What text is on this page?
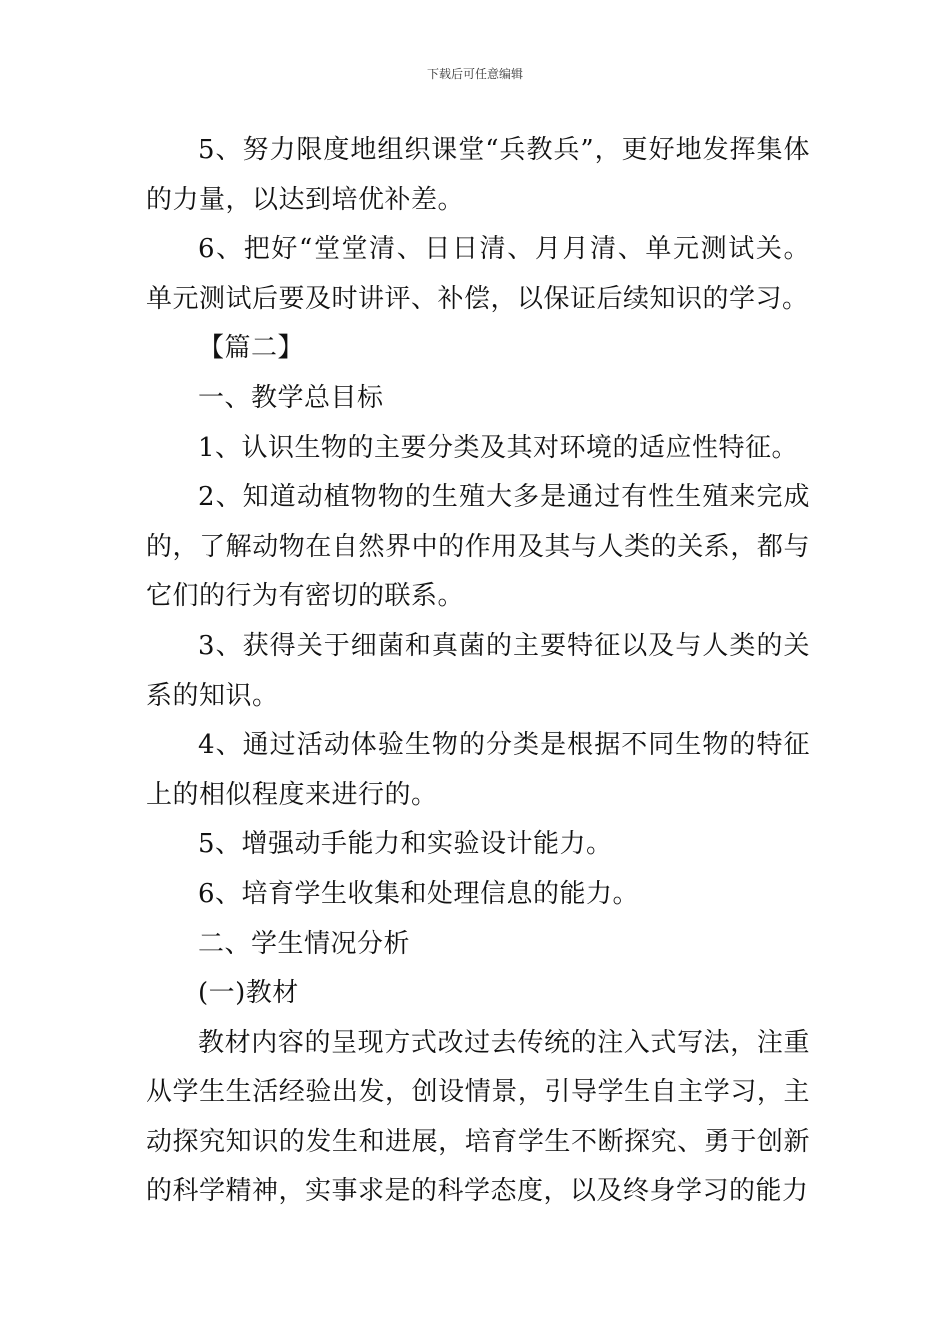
下载后可任意编辑

5、努力限度地组织课堂“兵教兵”，更好地发挥集体的力量，以达到培优补差。

6、把好“堂堂清、日日清、月月清、单元测试关。单元测试后要及时讲评、补偿，以保证后续知识的学习。

【篇二】

一、教学总目标

1、认识生物的主要分类及其对环境的适应性特征。

2、知道动植物物的生殖大多是通过有性生殖来完成的，了解动物在自然界中的作用及其与人类的关系，都与它们的行为有密切的联系。

3、获得关于细菌和真菌的主要特征以及与人类的关系的知识。

4、通过活动体验生物的分类是根据不同生物的特征上的相似程度来进行的。

5、增强动手能力和实验设计能力。

6、培育学生收集和处理信息的能力。

二、学生情况分析

(一)教材

教材内容的呈现方式改过去传统的注入式写法，注重从学生生活经验出发，创设情景，引导学生自主学习，主动探究知识的发生和进展，培育学生不断探究、勇于创新的科学精神，实事求是的科学态度，以及终身学习的能力
